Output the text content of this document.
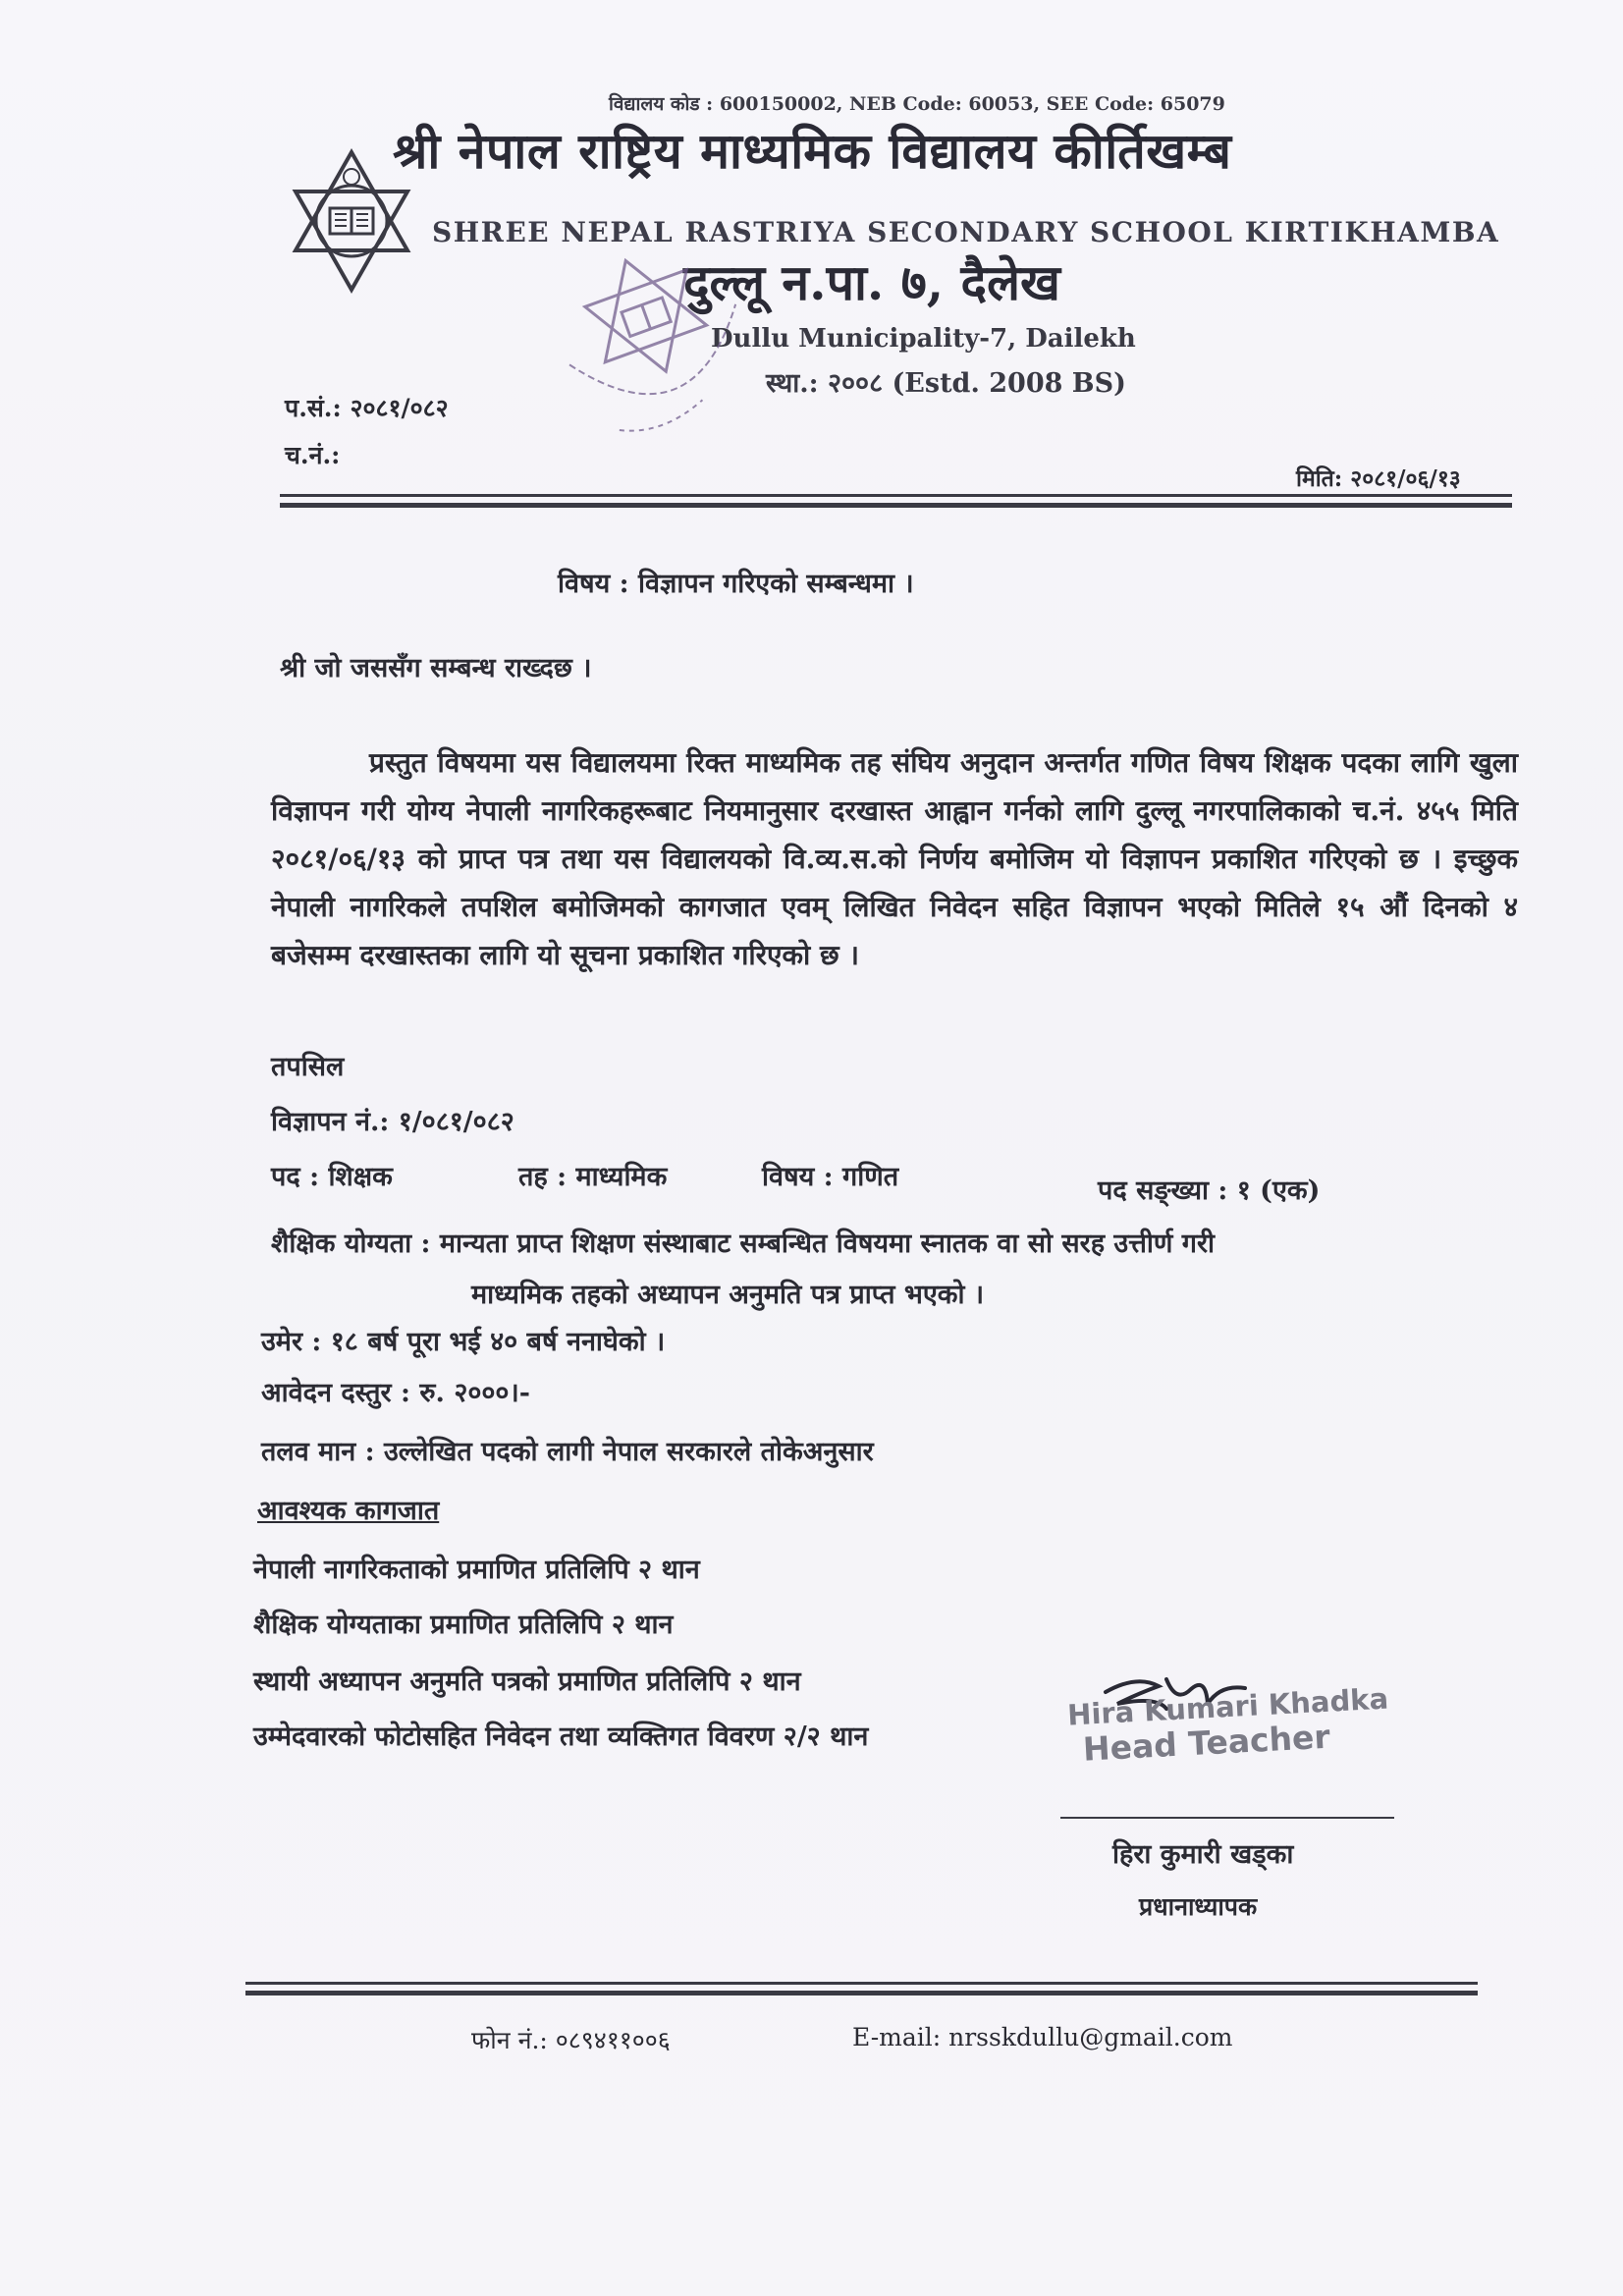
विद्यालय कोड : 600150002, NEB Code: 60053, SEE Code: 65079
श्री नेपाल राष्ट्रिय माध्यमिक विद्यालय कीर्तिखम्ब
SHREE NEPAL RASTRIYA SECONDARY SCHOOL KIRTIKHAMBA
दुल्लू न.पा. ७, दैलेख
Dullu Municipality-7, Dailekh
स्था.: २००८ (Estd. 2008 BS)
प.सं.: २०८१/०८२
च.नं.:
मिति: २०८१/०६/१३
विषय : विज्ञापन गरिएको सम्बन्धमा ।
श्री जो जससँग सम्बन्ध राख्दछ ।
प्रस्तुत विषयमा यस विद्यालयमा रिक्त माध्यमिक तह संघिय अनुदान अन्तर्गत गणित विषय शिक्षक पदका लागि खुला विज्ञापन गरी योग्य नेपाली नागरिकहरूबाट नियमानुसार दरखास्त आह्वान गर्नको लागि दुल्लू नगरपालिकाको च.नं. ४५५ मिति २०८१/०६/१३ को प्राप्त पत्र तथा यस विद्यालयको वि.व्य.स.को निर्णय बमोजिम यो विज्ञापन प्रकाशित गरिएको छ । इच्छुक नेपाली नागरिकले तपशिल बमोजिमको कागजात एवम् लिखित निवेदन सहित विज्ञापन भएको मितिले १५ औं दिनको ४ बजेसम्म दरखास्तका लागि यो सूचना प्रकाशित गरिएको छ ।
तपसिल
विज्ञापन नं.: १/०८१/०८२
पद : शिक्षक	तह : माध्यमिक	विषय : गणित	पद सङ्ख्या : १ (एक)
शैक्षिक योग्यता : मान्यता प्राप्त शिक्षण संस्थाबाट सम्बन्धित विषयमा स्नातक वा सो सरह उत्तीर्ण गरी
माध्यमिक तहको अध्यापन अनुमति पत्र प्राप्त भएको ।
उमेर : १८ बर्ष पूरा भई ४० बर्ष ननाघेको ।
आवेदन दस्तुर : रु. २०००।-
तलव मान : उल्लेखित पदको लागी नेपाल सरकारले तोकेअनुसार
आवश्यक कागजात
नेपाली नागरिकताको प्रमाणित प्रतिलिपि २ थान
शैक्षिक योग्यताका प्रमाणित प्रतिलिपि २ थान
स्थायी अध्यापन अनुमति पत्रको प्रमाणित प्रतिलिपि २ थान
उम्मेदवारको फोटोसहित निवेदन तथा व्यक्तिगत विवरण २/२ थान
Hira Kumari Khadka
Head Teacher
हिरा कुमारी खड्का
प्रधानाध्यापक
फोन नं.: ०८९४११००६	E-mail: nrsskdullu@gmail.com
